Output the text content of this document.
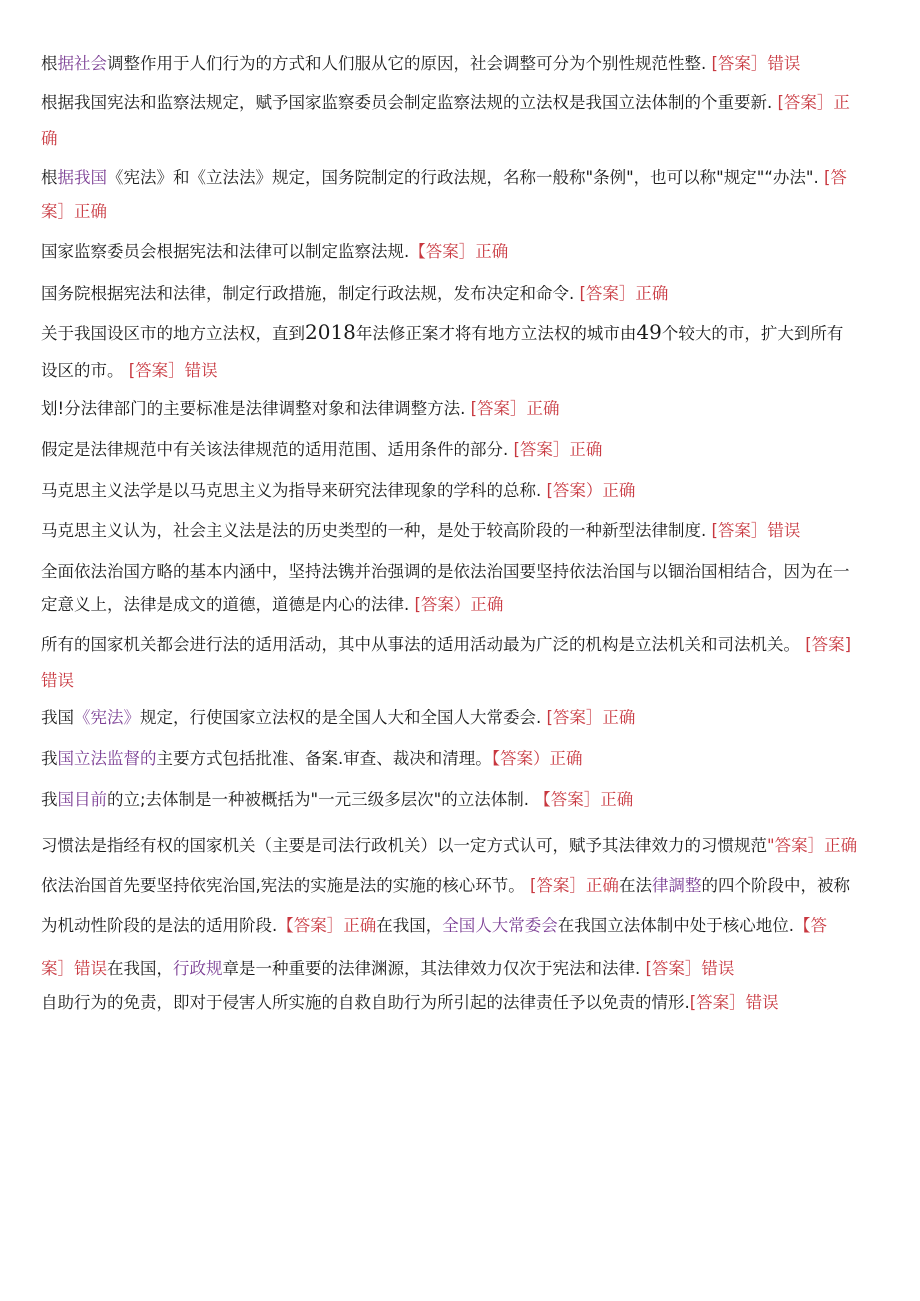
根据社会调整作用于人们行为的方式和人们服从它的原因，社会调整可分为个别性规范性整. [答案］错误
根据我国宪法和监察法规定，赋予国家监察委员会制定监察法规的立法权是我国立法体制的个重要新. [答案］正
确
根据我国《宪法》和《立法法》规定，国务院制定的行政法规，名称一般称"条例"，也可以称"规定"“办法". [答
案］正确
国家监察委员会根据宪法和法律可以制定监察法规.【答案］正确
国务院根据宪法和法律，制定行政措施，制定行政法规，发布决定和命令. [答案］正确
关于我国设区市的地方立法权，直到2018年法修正案才将有地方立法权的城市由49个较大的市，扩大到所有
设区的市。 [答案］错误
划!分法律部门的主要标准是法律调整对象和法律调整方法. [答案］正确
假定是法律规范中有关该法律规范的适用范围、适用条件的部分. [答案］正确
马克思主义法学是以马克思主义为指导来研究法律现象的学科的总称. [答案）正确
马克思主义认为，社会主义法是法的历史类型的一种，是处于较高阶段的一种新型法律制度. [答案］错误
全面依法治国方略的基本内涵中，坚持法镌并治强调的是依法治国要坚持依法治国与以锢治国相结合，因为在一
定意义上，法律是成文的道德，道德是内心的法律. [答案）正确
所有的国家机关都会进行法的适用活动，其中从事法的适用活动最为广泛的机构是立法机关和司法机关。 [答案]
错误
我国《宪法》规定，行使国家立法权的是全国人大和全国人大常委会. [答案］正确
我国立法监督的主要方式包括批准、备案.审查、裁决和清理。【答案）正确
我国目前的立;去体制是一种被概括为"一元三级多层次"的立法体制. 【答案］正确
习惯法是指经有权的国家机关（主要是司法行政机关）以一定方式认可，赋予其法律效力的习惯规范"答案］正确
依法治国首先要坚持依宪治国,宪法的实施是法的实施的核心环节。 [答案］正确在法律調整的四个阶段中，被称
为机动性阶段的是法的适用阶段.【答案］正确在我国，全国人大常委会在我国立法体制中处于核心地位.【答
案］错误在我国，行政规章是一种重要的法律渊源，其法律效力仅次于宪法和法律. [答案］错误
自助行为的免责，即对于侵害人所实施的自救自助行为所引起的法律责任予以免责的情形.[答案］错误
